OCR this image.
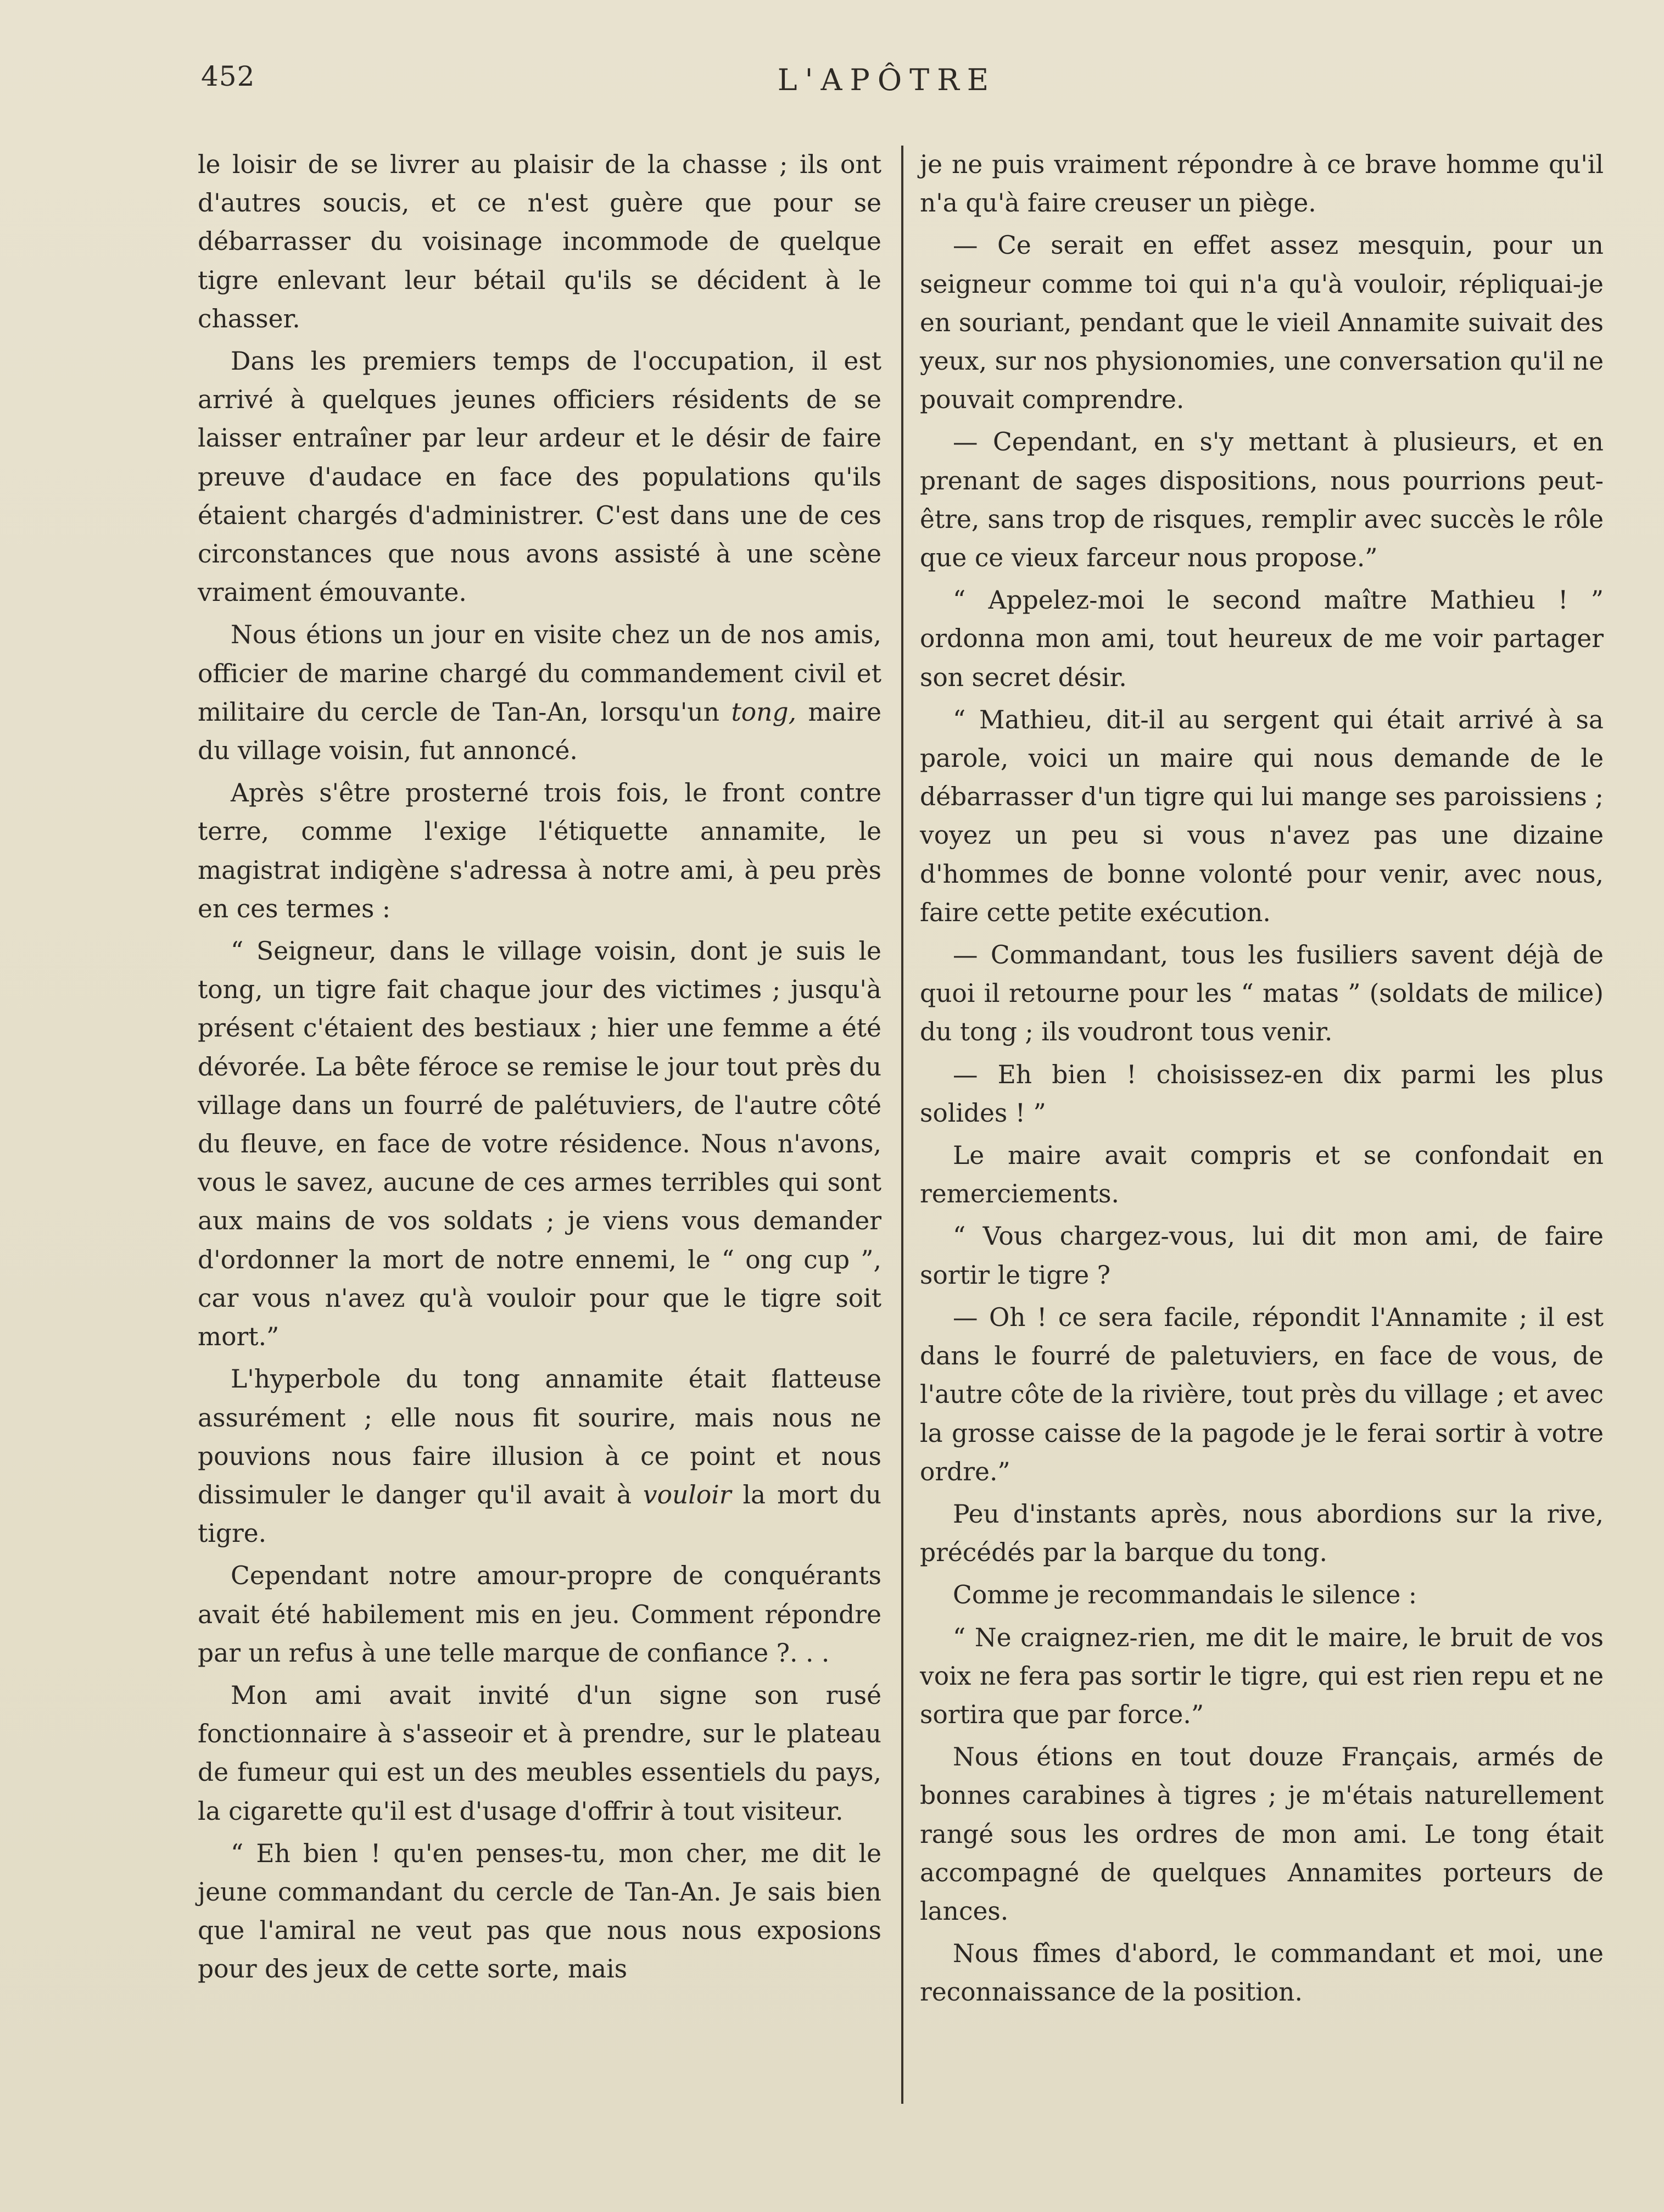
452	L'APÔTRE

le loisir de se livrer au plaisir de la chasse ; ils ont d'autres soucis, et ce n'est guère que pour se débarrasser du voisinage incommode de quelque tigre enlevant leur bétail qu'ils se décident à le chasser.

Dans les premiers temps de l'occupation, il est arrivé à quelques jeunes officiers résidents de se laisser entraîner par leur ardeur et le désir de faire preuve d'audace en face des populations qu'ils étaient chargés d'administrer. C'est dans une de ces circonstances que nous avons assisté à une scène vraiment émouvante.

Nous étions un jour en visite chez un de nos amis, officier de marine chargé du commandement civil et militaire du cercle de Tan-An, lorsqu'un tong, maire du village voisin, fut annoncé.

Après s'être prosterné trois fois, le front contre terre, comme l'exige l'étiquette annamite, le magistrat indigène s'adressa à notre ami, à peu près en ces termes :

“ Seigneur, dans le village voisin, dont je suis le tong, un tigre fait chaque jour des victimes ; jusqu'à présent c'étaient des bestiaux ; hier une femme a été dévorée. La bête féroce se remise le jour tout près du village dans un fourré de palétuviers, de l'autre côté du fleuve, en face de votre résidence. Nous n'avons, vous le savez, aucune de ces armes terribles qui sont aux mains de vos soldats ; je viens vous demander d'ordonner la mort de notre ennemi, le “ ong cup ”, car vous n'avez qu'à vouloir pour que le tigre soit mort.”

L'hyperbole du tong annamite était flatteuse assurément ; elle nous fit sourire, mais nous ne pouvions nous faire illusion à ce point et nous dissimuler le danger qu'il avait à vouloir la mort du tigre.

Cependant notre amour-propre de conquérants avait été habilement mis en jeu. Comment répondre par un refus à une telle marque de confiance ?. . .

Mon ami avait invité d'un signe son rusé fonctionnaire à s'asseoir et à prendre, sur le plateau de fumeur qui est un des meubles essentiels du pays, la cigarette qu'il est d'usage d'offrir à tout visiteur.

“ Eh bien ! qu'en penses-tu, mon cher, me dit le jeune commandant du cercle de Tan-An. Je sais bien que l'amiral ne veut pas que nous nous exposions pour des jeux de cette sorte, mais

je ne puis vraiment répondre à ce brave homme qu'il n'a qu'à faire creuser un piège.

— Ce serait en effet assez mesquin, pour un seigneur comme toi qui n'a qu'à vouloir, répliquai-je en souriant, pendant que le vieil Annamite suivait des yeux, sur nos physionomies, une conversation qu'il ne pouvait comprendre.

— Cependant, en s'y mettant à plusieurs, et en prenant de sages dispositions, nous pourrions peut-être, sans trop de risques, remplir avec succès le rôle que ce vieux farceur nous propose.”

“ Appelez-moi le second maître Mathieu ! ” ordonna mon ami, tout heureux de me voir partager son secret désir.

“ Mathieu, dit-il au sergent qui était arrivé à sa parole, voici un maire qui nous demande de le débarrasser d'un tigre qui lui mange ses paroissiens ; voyez un peu si vous n'avez pas une dizaine d'hommes de bonne volonté pour venir, avec nous, faire cette petite exécution.

— Commandant, tous les fusiliers savent déjà de quoi il retourne pour les “ matas ” (soldats de milice) du tong ; ils voudront tous venir.

— Eh bien ! choisissez-en dix parmi les plus solides ! ”

Le maire avait compris et se confondait en remerciements.

“ Vous chargez-vous, lui dit mon ami, de faire sortir le tigre ?

— Oh ! ce sera facile, répondit l'Annamite ; il est dans le fourré de paletuviers, en face de vous, de l'autre côte de la rivière, tout près du village ; et avec la grosse caisse de la pagode je le ferai sortir à votre ordre.”

Peu d'instants après, nous abordions sur la rive, précédés par la barque du tong.

Comme je recommandais le silence :

“ Ne craignez-rien, me dit le maire, le bruit de vos voix ne fera pas sortir le tigre, qui est rien repu et ne sortira que par force.”

Nous étions en tout douze Français, armés de bonnes carabines à tigres ; je m'étais naturellement rangé sous les ordres de mon ami. Le tong était accompagné de quelques Annamites porteurs de lances.

Nous fîmes d'abord, le commandant et moi, une reconnaissance de la position.
